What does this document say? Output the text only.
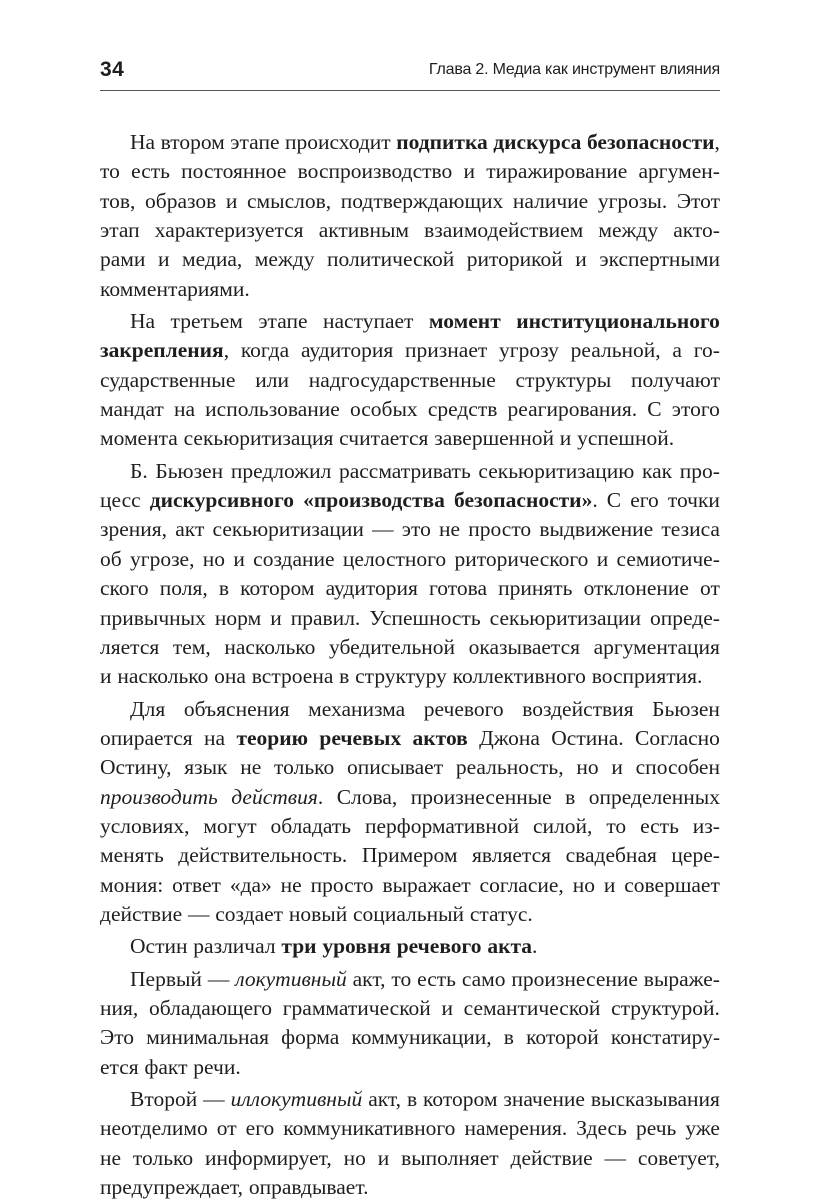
34	Глава 2. Медиа как инструмент влияния
На втором этапе происходит подпитка дискурса безопасности,
то есть постоянное воспроизводство и тиражирование аргумен-
тов, образов и смыслов, подтверждающих наличие угрозы. Этот
этап характеризуется активным взаимодействием между акто-
рами и медиа, между политической риторикой и экспертными
комментариями.
На третьем этапе наступает момент институционального
закрепления, когда аудитория признает угрозу реальной, а го-
сударственные или надгосударственные структуры получают
мандат на использование особых средств реагирования. С этого
момента секьюритизация считается завершенной и успешной.
Б. Бьюзен предложил рассматривать секьюритизацию как про-
цесс дискурсивного «производства безопасности». С его точки
зрения, акт секьюритизации — это не просто выдвижение тезиса
об угрозе, но и создание целостного риторического и семиотиче-
ского поля, в котором аудитория готова принять отклонение от
привычных норм и правил. Успешность секьюритизации опреде-
ляется тем, насколько убедительной оказывается аргументация
и насколько она встроена в структуру коллективного восприятия.
Для объяснения механизма речевого воздействия Бьюзен
опирается на теорию речевых актов Джона Остина. Согласно
Остину, язык не только описывает реальность, но и способен
производить действия. Слова, произнесенные в определенных
условиях, могут обладать перформативной силой, то есть из-
менять действительность. Примером является свадебная цере-
мония: ответ «да» не просто выражает согласие, но и совершает
действие — создает новый социальный статус.
Остин различал три уровня речевого акта.
Первый — локутивный акт, то есть само произнесение выраже-
ния, обладающего грамматической и семантической структурой.
Это минимальная форма коммуникации, в которой констатиру-
ется факт речи.
Второй — иллокутивный акт, в котором значение высказывания
неотделимо от его коммуникативного намерения. Здесь речь уже
не только информирует, но и выполняет действие — советует,
предупреждает, оправдывает.
